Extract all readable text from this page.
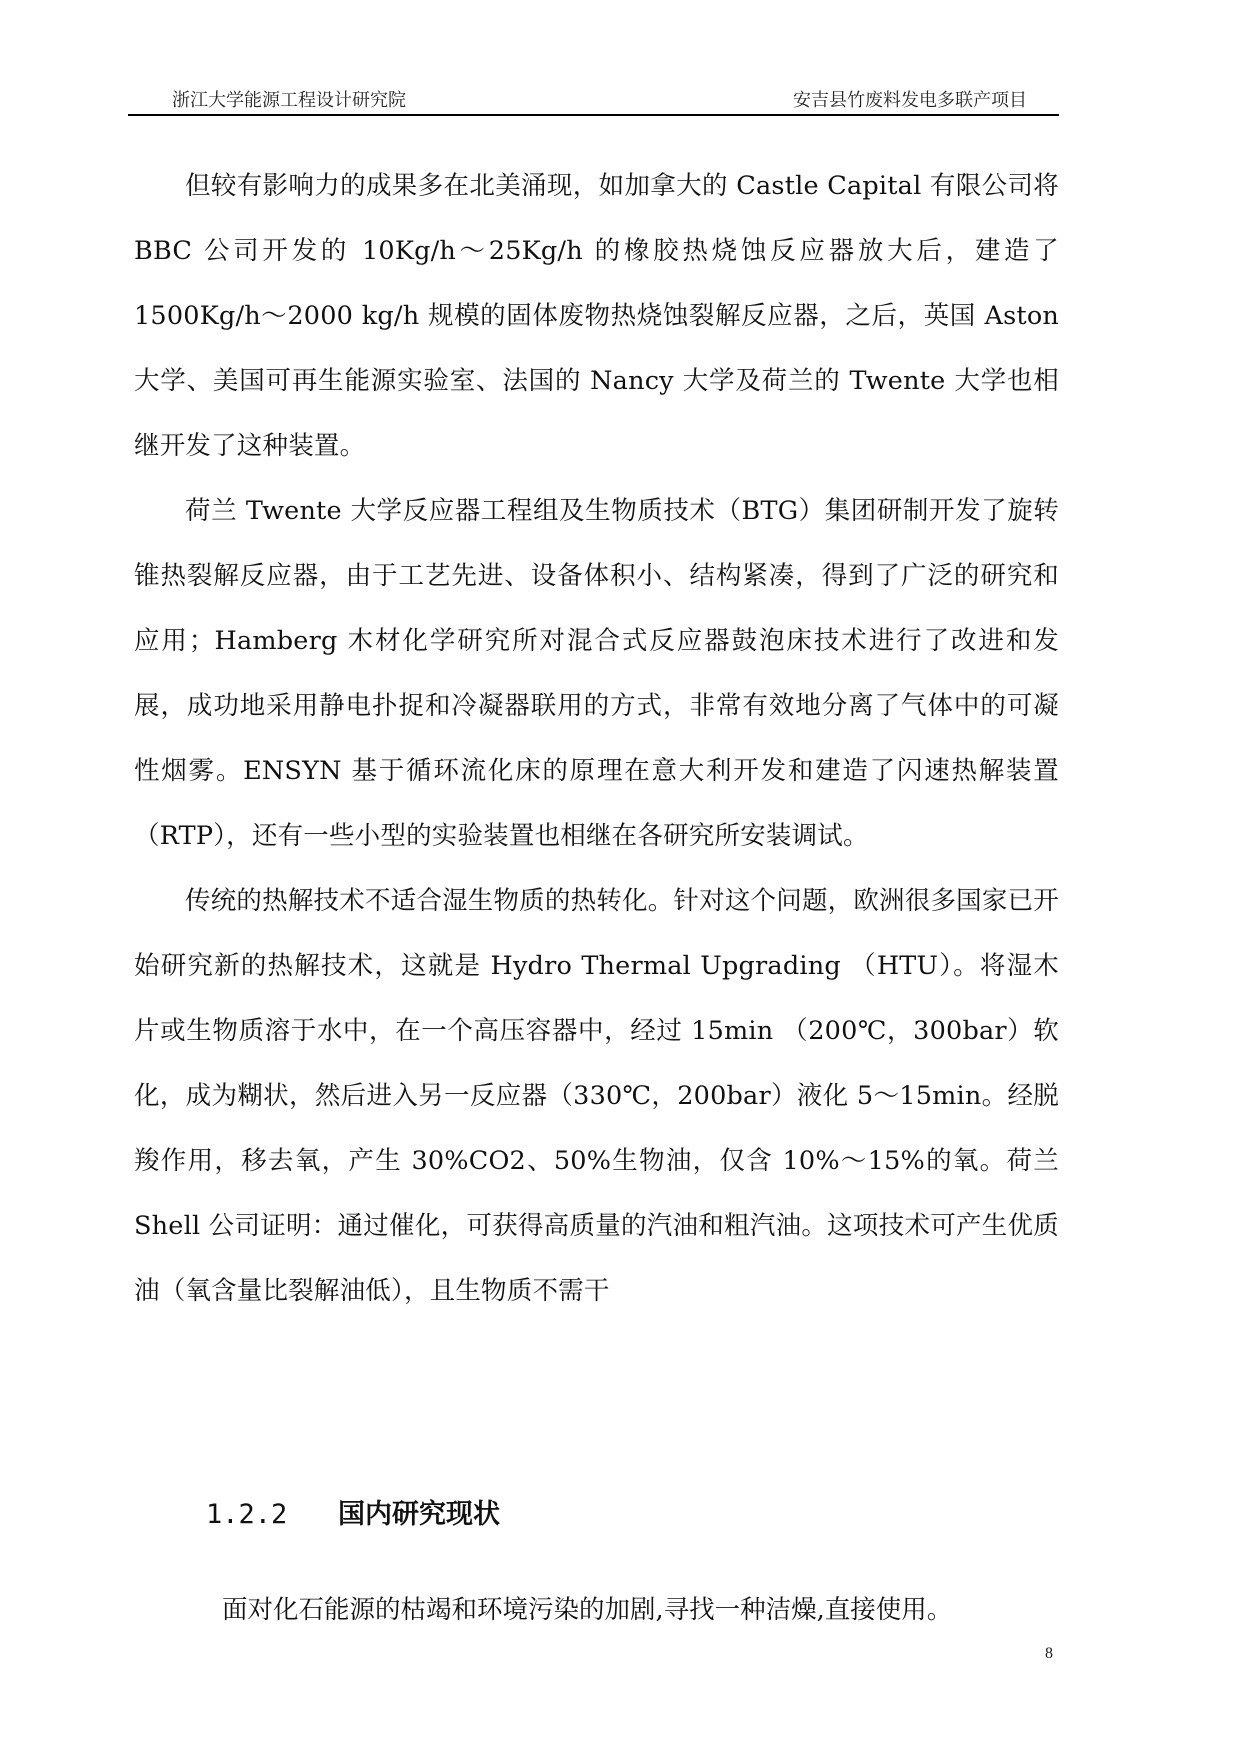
浙江大学能源工程设计研究院	安吉县竹废料发电多联产项目

但较有影响力的成果多在北美涌现，如加拿大的 Castle Capital 有限公司将 BBC 公司开发的 10Kg/h～25Kg/h 的橡胶热烧蚀反应器放大后，建造了 1500Kg/h～2000 kg/h 规模的固体废物热烧蚀裂解反应器，之后，英国 Aston 大学、美国可再生能源实验室、法国的 Nancy 大学及荷兰的 Twente 大学也相继开发了这种装置。

荷兰 Twente 大学反应器工程组及生物质技术（BTG）集团研制开发了旋转锥热裂解反应器，由于工艺先进、设备体积小、结构紧凑，得到了广泛的研究和应用；Hamberg 木材化学研究所对混合式反应器鼓泡床技术进行了改进和发展，成功地采用静电扑捉和冷凝器联用的方式，非常有效地分离了气体中的可凝性烟雾。ENSYN 基于循环流化床的原理在意大利开发和建造了闪速热解装置（RTP），还有一些小型的实验装置也相继在各研究所安装调试。

传统的热解技术不适合湿生物质的热转化。针对这个问题，欧洲很多国家已开始研究新的热解技术，这就是 Hydro Thermal Upgrading （HTU）。将湿木片或生物质溶于水中，在一个高压容器中，经过 15min （200℃，300bar）软化，成为糊状，然后进入另一反应器（330℃，200bar）液化 5～15min。经脱羧作用，移去氧，产生 30%CO2、50%生物油，仅含 10%～15%的氧。荷兰 Shell 公司证明：通过催化，可获得高质量的汽油和粗汽油。这项技术可产生优质油（氧含量比裂解油低），且生物质不需干

1.2.2 国内研究现状
面对化石能源的枯竭和环境污染的加剧,寻找一种洁燥,直接使用。
8
